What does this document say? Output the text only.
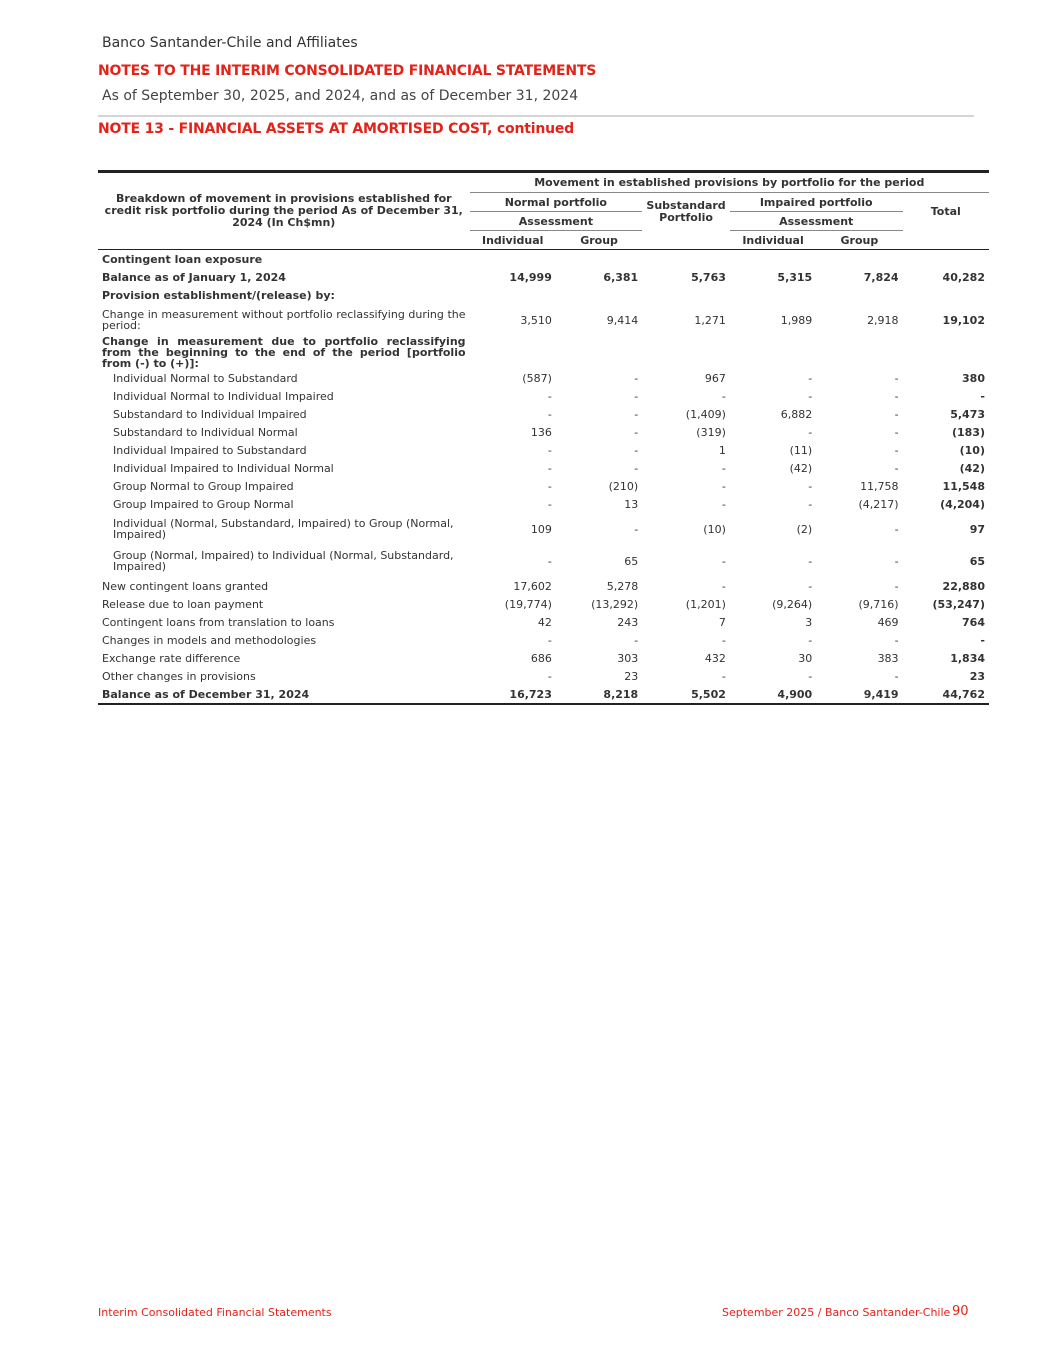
Banco Santander-Chile and Affiliates
NOTES TO THE INTERIM CONSOLIDATED FINANCIAL STATEMENTS
As of September 30, 2025, and 2024, and as of December 31, 2024
NOTE 13 - FINANCIAL ASSETS AT AMORTISED COST, continued
Breakdown of movement in provisions established for credit risk portfolio during the period As of December 31, 2024 (In Ch$mn)	Movement in established provisions by portfolio for the period					
	Normal portfolio		Substandard Portfolio	Impaired portfolio		Total
	Assessment			Assessment		
	Individual	Group		Individual	Group	
Contingent loan exposure						
Balance as of January 1, 2024	14,999	6,381	5,763	5,315	7,824	40,282
Provision establishment/(release) by:						
Change in measurement without portfolio reclassifying during the period:	3,510	9,414	1,271	1,989	2,918	19,102
Change in measurement due to portfolio reclassifying from the beginning to the end of the period [portfolio from (-) to (+)]:						
Individual Normal to Substandard	(587)	-	967	-	-	380
Individual Normal to Individual Impaired	-	-	-	-	-	-
Substandard to Individual Impaired	-	-	(1,409)	6,882	-	5,473
Substandard to Individual Normal	136	-	(319)	-	-	(183)
Individual Impaired to Substandard	-	-	1	(11)	-	(10)
Individual Impaired to Individual Normal	-	-	-	(42)	-	(42)
Group Normal to Group Impaired	-	(210)	-	-	11,758	11,548
Group Impaired to Group Normal	-	13	-	-	(4,217)	(4,204)
Individual (Normal, Substandard, Impaired) to Group (Normal, Impaired)	109	-	(10)	(2)	-	97
Group (Normal, Impaired) to Individual (Normal, Substandard, Impaired)	-	65	-	-	-	65
New contingent loans granted	17,602	5,278	-	-	-	22,880
Release due to loan payment	(19,774)	(13,292)	(1,201)	(9,264)	(9,716)	(53,247)
Contingent loans from translation to loans	42	243	7	3	469	764
Changes in models and methodologies	-	-	-	-	-	-
Exchange rate difference	686	303	432	30	383	1,834
Other changes in provisions	-	23	-	-	-	23
Balance as of December 31, 2024	16,723	8,218	5,502	4,900	9,419	44,762
Interim Consolidated Financial Statements	September 2025 / Banco Santander-Chile 90
